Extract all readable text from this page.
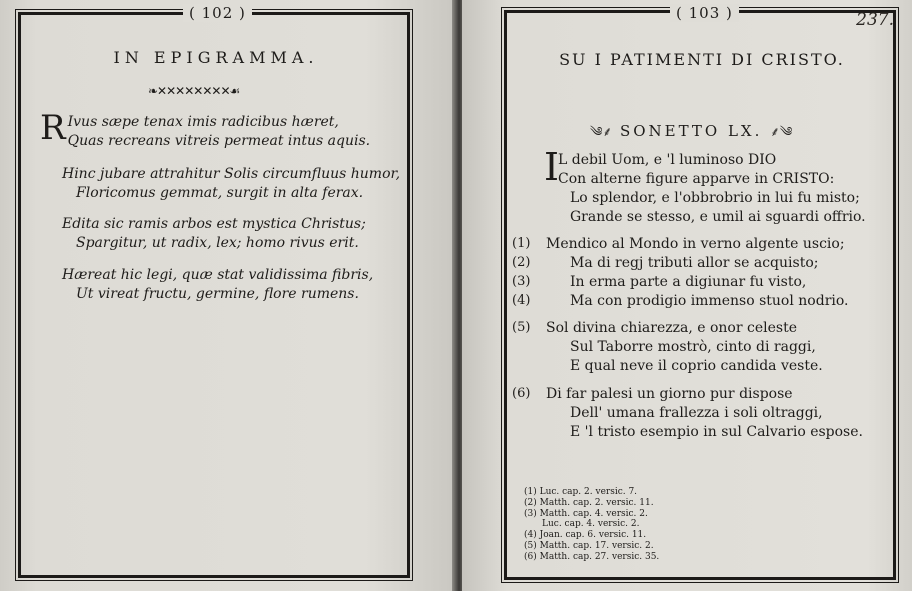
( 102 )
IN EPIGRAMMA.
❧✕✕✕✕✕✕✕✕☙
R Ivus sæpe tenax imis radicibus hæret,
Quas recreans vitreis permeat intus aquis.
Hinc jubare attrahitur Solis circumfluus humor,
Floricomus gemmat, surgit in alta ferax.
Edita sic ramis arbos est mystica Christus;
Spargitur, ut radix, lex; homo rivus erit.
Hæreat hic legi, quæ stat validissima fibris,
Ut vireat fructu, germine, flore rumens.
( 103 )	237.
SU I PATIMENTI DI CRISTO.
༄⸙ SONETTO LX. ⸙༄
I
L debil Uom, e 'l luminoso DIO
Con alterne figure apparve in CRISTO:
Lo splendor, e l'obbrobrio in lui fu misto;
Grande se stesso, e umil ai sguardi offrio.
(1) Mendico al Mondo in verno algente uscio;
(2)	Ma di regj tributi allor se acquisto;
(3)	In erma parte a digiunar fu visto,
(4)	Ma con prodigio immenso stuol nodrio.
(5) Sol divina chiarezza, e onor celeste
Sul Taborre mostrò, cinto di raggi,
E qual neve il coprio candida veste.
(6) Di far palesi un giorno pur dispose
Dell' umana frallezza i soli oltraggi,
E 'l tristo esempio in sul Calvario espose.
(1) Luc. cap. 2. versic. 7.
(2) Matth. cap. 2. versic. 11.
(3) Matth. cap. 4. versic. 2.
Luc. cap. 4. versic. 2.
(4) Joan. cap. 6. versic. 11.
(5) Matth. cap. 17. versic. 2.
(6) Matth. cap. 27. versic. 35.
